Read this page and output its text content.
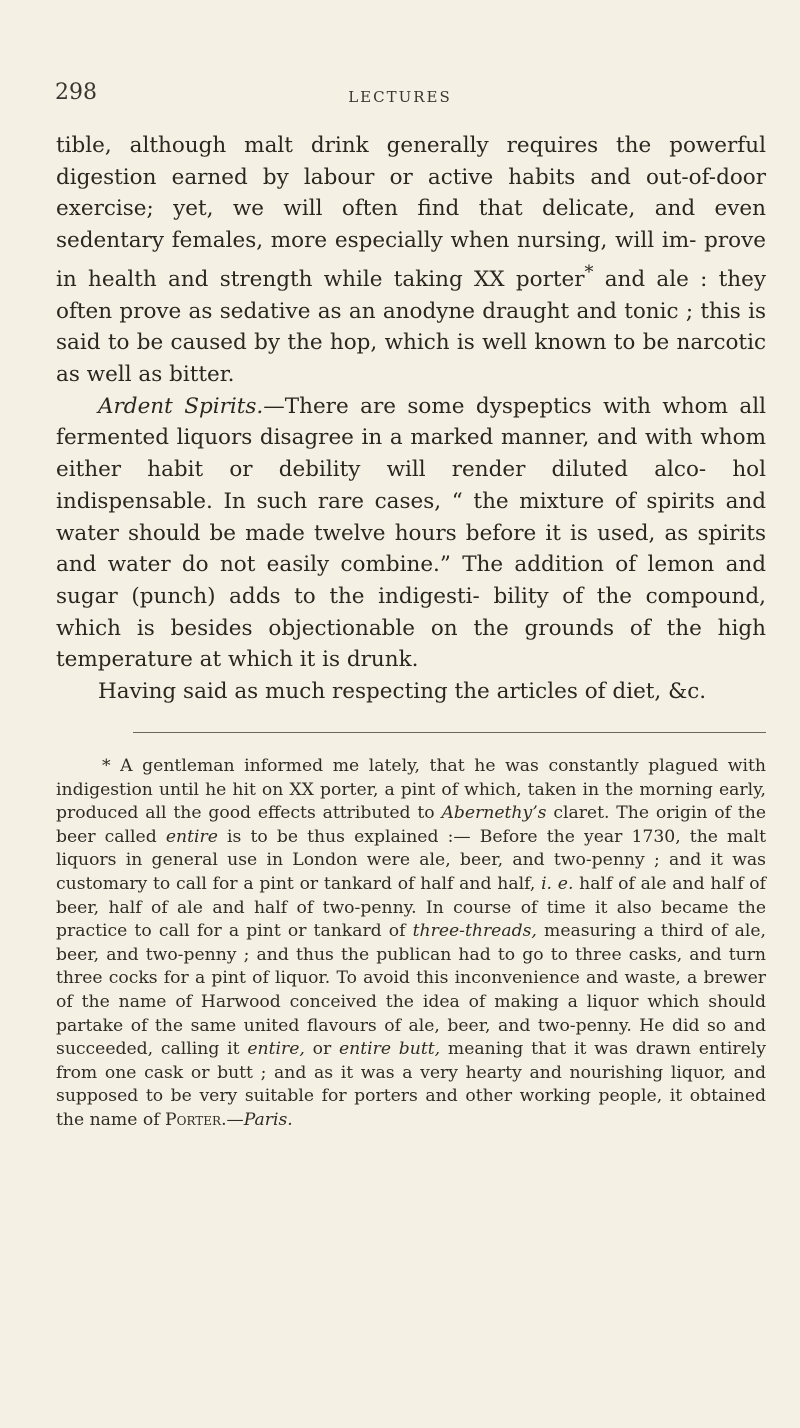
298	LECTURES

tible, although malt drink generally requires the powerful digestion earned by labour or active habits and out-of-door exercise; yet, we will often find that delicate, and even sedentary females, more especially when nursing, will im- prove in health and strength while taking XX porter* and ale : they often prove as sedative as an anodyne draught and tonic ; this is said to be caused by the hop, which is well known to be narcotic as well as bitter.

Ardent Spirits.—There are some dyspeptics with whom all fermented liquors disagree in a marked manner, and with whom either habit or debility will render diluted alco- hol indispensable. In such rare cases, “ the mixture of spirits and water should be made twelve hours before it is used, as spirits and water do not easily combine.” The addition of lemon and sugar (punch) adds to the indigesti- bility of the compound, which is besides objectionable on the grounds of the high temperature at which it is drunk.

Having said as much respecting the articles of diet, &c.

* A gentleman informed me lately, that he was constantly plagued with indigestion until he hit on XX porter, a pint of which, taken in the morning early, produced all the good effects attributed to Abernethy’s claret. The origin of the beer called entire is to be thus explained :— Before the year 1730, the malt liquors in general use in London were ale, beer, and two-penny ; and it was customary to call for a pint or tankard of half and half, i. e. half of ale and half of beer, half of ale and half of two-penny. In course of time it also became the practice to call for a pint or tankard of three-threads, measuring a third of ale, beer, and two-penny ; and thus the publican had to go to three casks, and turn three cocks for a pint of liquor. To avoid this inconvenience and waste, a brewer of the name of Harwood conceived the idea of making a liquor which should partake of the same united flavours of ale, beer, and two-penny. He did so and succeeded, calling it entire, or entire butt, meaning that it was drawn entirely from one cask or butt ; and as it was a very hearty and nourishing liquor, and supposed to be very suitable for porters and other working people, it obtained the name of Porter.—Paris.
